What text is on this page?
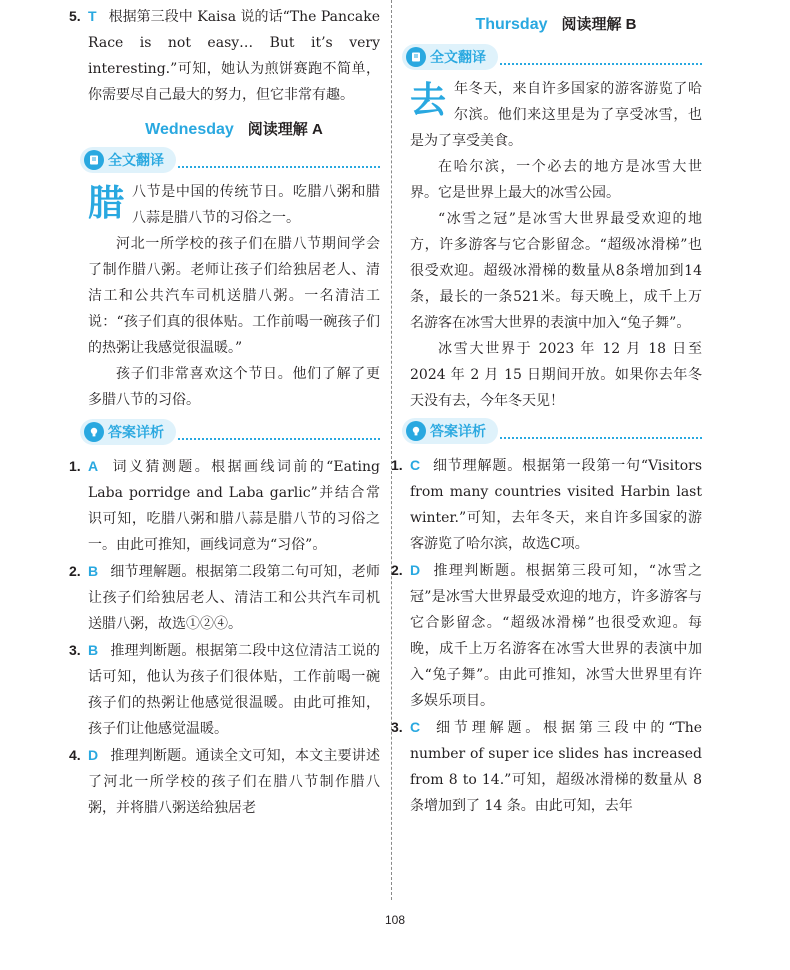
5. T 根据第三段中 Kaisa 说的话“The Pancake Race is not easy… But it’s very interesting.”可知，她认为煎饼赛跑不简单，你需要尽自己最大的努力，但它非常有趣。
Wednesday 阅读理解 A
全文翻译

腊八节是中国的传统节日。吃腊八粥和腊八蒜是腊八节的习俗之一。

河北一所学校的孩子们在腊八节期间学会了制作腊八粥。老师让孩子们给独居老人、清洁工和公共汽车司机送腊八粥。一名清洁工说：“孩子们真的很体贴。工作前喝一碗孩子们的热粥让我感觉很温暖。”

孩子们非常喜欢这个节日。他们了解了更多腊八节的习俗。

答案详析
1. A 词义猜测题。根据画线词前的“Eating Laba porridge and Laba garlic”并结合常识可知，吃腊八粥和腊八蒜是腊八节的习俗之一。由此可推知，画线词意为“习俗”。
2. B 细节理解题。根据第二段第二句可知，老师让孩子们给独居老人、清洁工和公共汽车司机送腊八粥，故选①②④。
3. B 推理判断题。根据第二段中这位清洁工说的话可知，他认为孩子们很体贴，工作前喝一碗孩子们的热粥让他感觉很温暖。由此可推知，孩子们让他感觉温暖。
4. D 推理判断题。通读全文可知，本文主要讲述了河北一所学校的孩子们在腊八节制作腊八粥，并将腊八粥送给独居老
Thursday 阅读理解 B
全文翻译

去年冬天，来自许多国家的游客游览了哈尔滨。他们来这里是为了享受冰雪，也是为了享受美食。

在哈尔滨，一个必去的地方是冰雪大世界。它是世界上最大的冰雪公园。

“冰雪之冠”是冰雪大世界最受欢迎的地方，许多游客与它合影留念。“超级冰滑梯”也很受欢迎。超级冰滑梯的数量从8条增加到14条，最长的一条521米。每天晚上，成千上万名游客在冰雪大世界的表演中加入“兔子舞”。

冰雪大世界于 2023 年 12 月 18 日至 2024 年 2 月 15 日期间开放。如果你去年冬天没有去，今年冬天见！

答案详析
1. C 细节理解题。根据第一段第一句“Visitors from many countries visited Harbin last winter.”可知，去年冬天，来自许多国家的游客游览了哈尔滨，故选C项。
2. D 推理判断题。根据第三段可知，“冰雪之冠”是冰雪大世界最受欢迎的地方，许多游客与它合影留念。“超级冰滑梯”也很受欢迎。每晚，成千上万名游客在冰雪大世界的表演中加入“兔子舞”。由此可推知，冰雪大世界里有许多娱乐项目。
3. C 细节理解题。根据第三段中的“The number of super ice slides has increased from 8 to 14.”可知，超级冰滑梯的数量从 8 条增加到了 14 条。由此可知，去年
108
